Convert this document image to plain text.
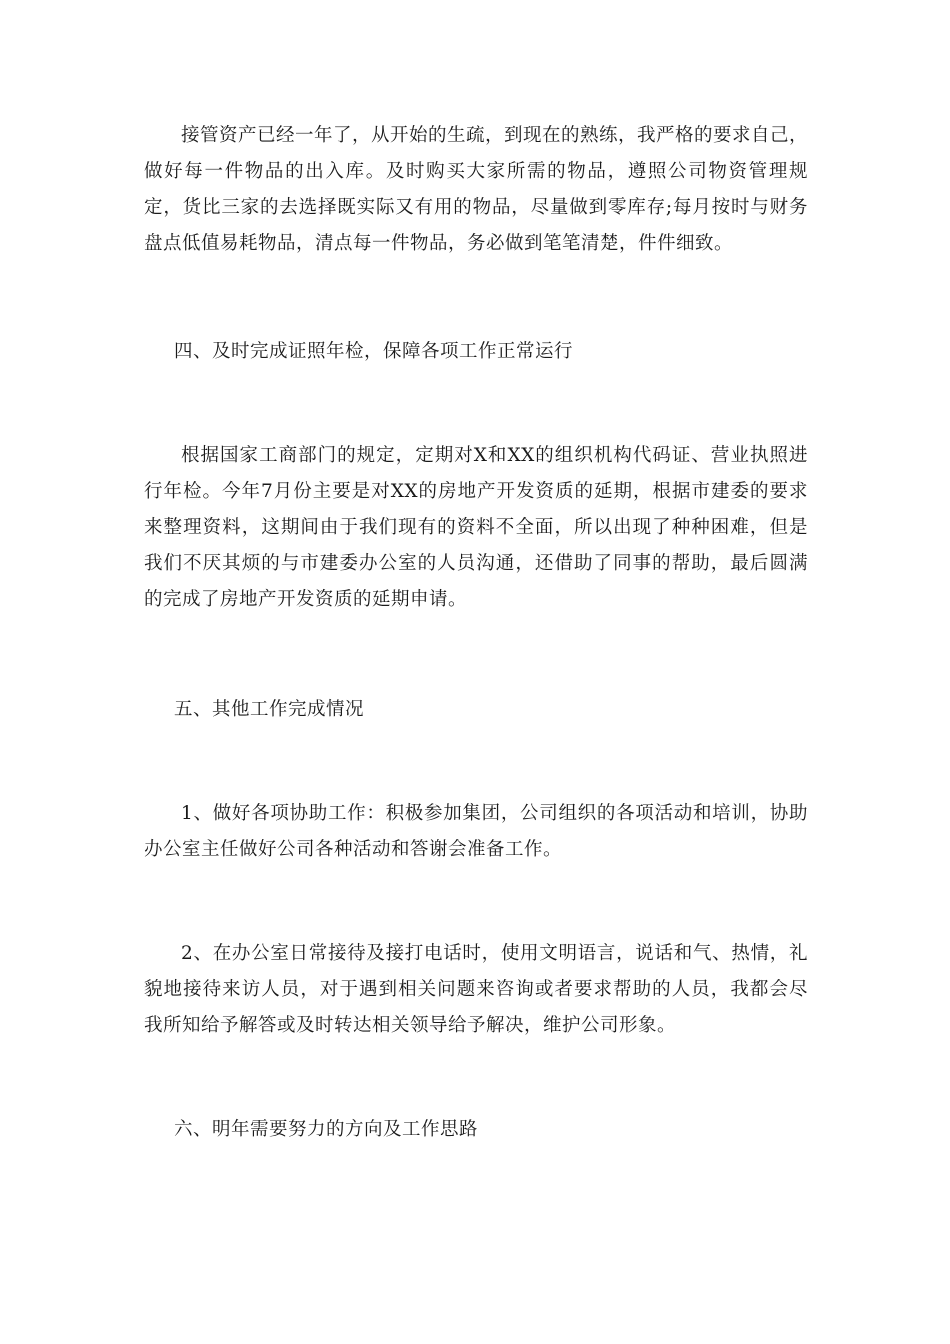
接管资产已经一年了，从开始的生疏，到现在的熟练，我严格的要求自己，做好每一件物品的出入库。及时购买大家所需的物品，遵照公司物资管理规定，货比三家的去选择既实际又有用的物品，尽量做到零库存;每月按时与财务盘点低值易耗物品，清点每一件物品，务必做到笔笔清楚，件件细致。

四、及时完成证照年检，保障各项工作正常运行

根据国家工商部门的规定，定期对X和XX的组织机构代码证、营业执照进行年检。今年7月份主要是对XX的房地产开发资质的延期，根据市建委的要求来整理资料，这期间由于我们现有的资料不全面，所以出现了种种困难，但是我们不厌其烦的与市建委办公室的人员沟通，还借助了同事的帮助，最后圆满的完成了房地产开发资质的延期申请。

五、其他工作完成情况

1、做好各项协助工作：积极参加集团，公司组织的各项活动和培训，协助办公室主任做好公司各种活动和答谢会准备工作。

2、在办公室日常接待及接打电话时，使用文明语言，说话和气、热情，礼貌地接待来访人员，对于遇到相关问题来咨询或者要求帮助的人员，我都会尽我所知给予解答或及时转达相关领导给予解决，维护公司形象。

六、明年需要努力的方向及工作思路
